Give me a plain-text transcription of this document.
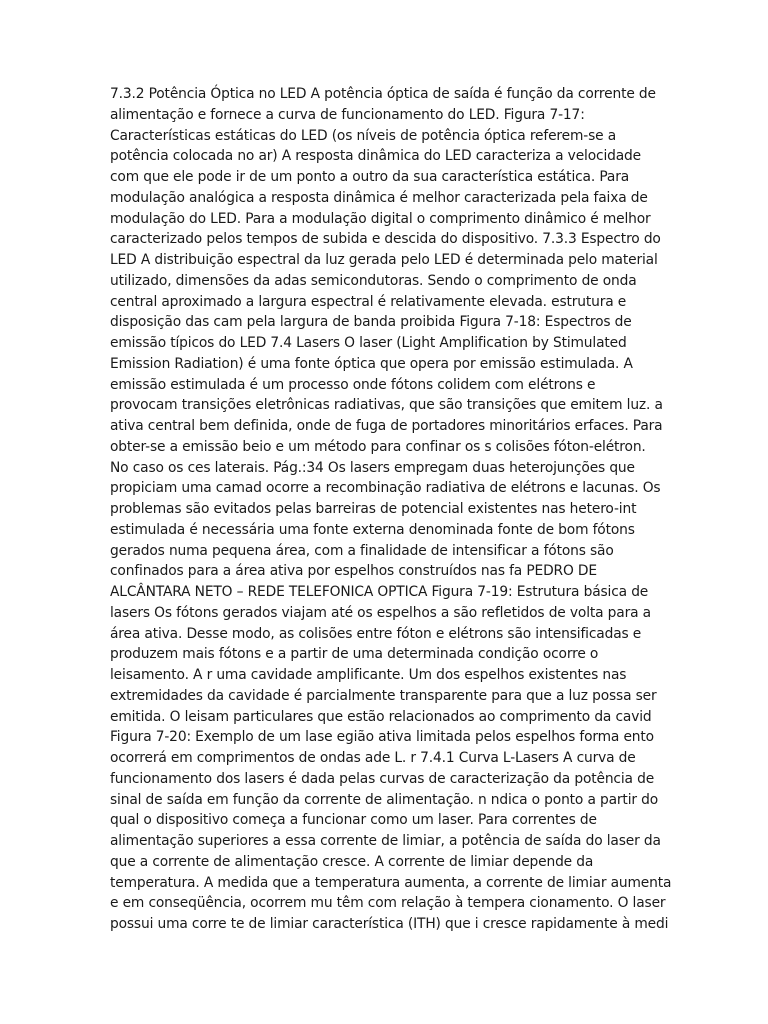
7.3.2 Potência Óptica no LED A potência óptica de saída é função da corrente de
alimentação e fornece a curva de funcionamento do LED. Figura 7-17:
Características estáticas do LED (os níveis de potência óptica referem-se a
potência colocada no ar) A resposta dinâmica do LED caracteriza a velocidade
com que ele pode ir de um ponto a outro da sua característica estática. Para
modulação analógica a resposta dinâmica é melhor caracterizada pela faixa de
modulação do LED. Para a modulação digital o comprimento dinâmico é melhor
caracterizado pelos tempos de subida e descida do dispositivo. 7.3.3 Espectro do
LED A distribuição espectral da luz gerada pelo LED é determinada pelo material
utilizado, dimensões da adas semicondutoras. Sendo o comprimento de onda
central aproximado a largura espectral é relativamente elevada. estrutura e
disposição das cam pela largura de banda proibida Figura 7-18: Espectros de
emissão típicos do LED 7.4 Lasers O laser (Light Amplification by Stimulated
Emission Radiation) é uma fonte óptica que opera por emissão estimulada. A
emissão estimulada é um processo onde fótons colidem com elétrons e
provocam transições eletrônicas radiativas, que são transições que emitem luz. a
ativa central bem definida, onde de fuga de portadores minoritários erfaces. Para
obter-se a emissão beio e um método para confinar os s colisões fóton-elétron.
No caso os ces laterais. Pág.:34 Os lasers empregam duas heterojunções que
propiciam uma camad ocorre a recombinação radiativa de elétrons e lacunas. Os
problemas são evitados pelas barreiras de potencial existentes nas hetero-int
estimulada é necessária uma fonte externa denominada fonte de bom fótons
gerados numa pequena área, com a finalidade de intensificar a fótons são
confinados para a área ativa por espelhos construídos nas fa PEDRO DE
ALCÂNTARA NETO – REDE TELEFONICA OPTICA Figura 7-19: Estrutura básica de
lasers Os fótons gerados viajam até os espelhos a são refletidos de volta para a
área ativa. Desse modo, as colisões entre fóton e elétrons são intensificadas e
produzem mais fótons e a partir de uma determinada condição ocorre o
leisamento. A r uma cavidade amplificante. Um dos espelhos existentes nas
extremidades da cavidade é parcialmente transparente para que a luz possa ser
emitida. O leisam particulares que estão relacionados ao comprimento da cavid
Figura 7-20: Exemplo de um lase egião ativa limitada pelos espelhos forma ento
ocorrerá em comprimentos de ondas ade L. r 7.4.1 Curva L-Lasers A curva de
funcionamento dos lasers é dada pelas curvas de caracterização da potência de
sinal de saída em função da corrente de alimentação. n ndica o ponto a partir do
qual o dispositivo começa a funcionar como um laser. Para correntes de
alimentação superiores a essa corrente de limiar, a potência de saída do laser da
que a corrente de alimentação cresce. A corrente de limiar depende da
temperatura. A medida que a temperatura aumenta, a corrente de limiar aumenta
e em conseqüência, ocorrem mu têm com relação à tempera cionamento. O laser
possui uma corre te de limiar característica (ITH) que i cresce rapidamente à medi
